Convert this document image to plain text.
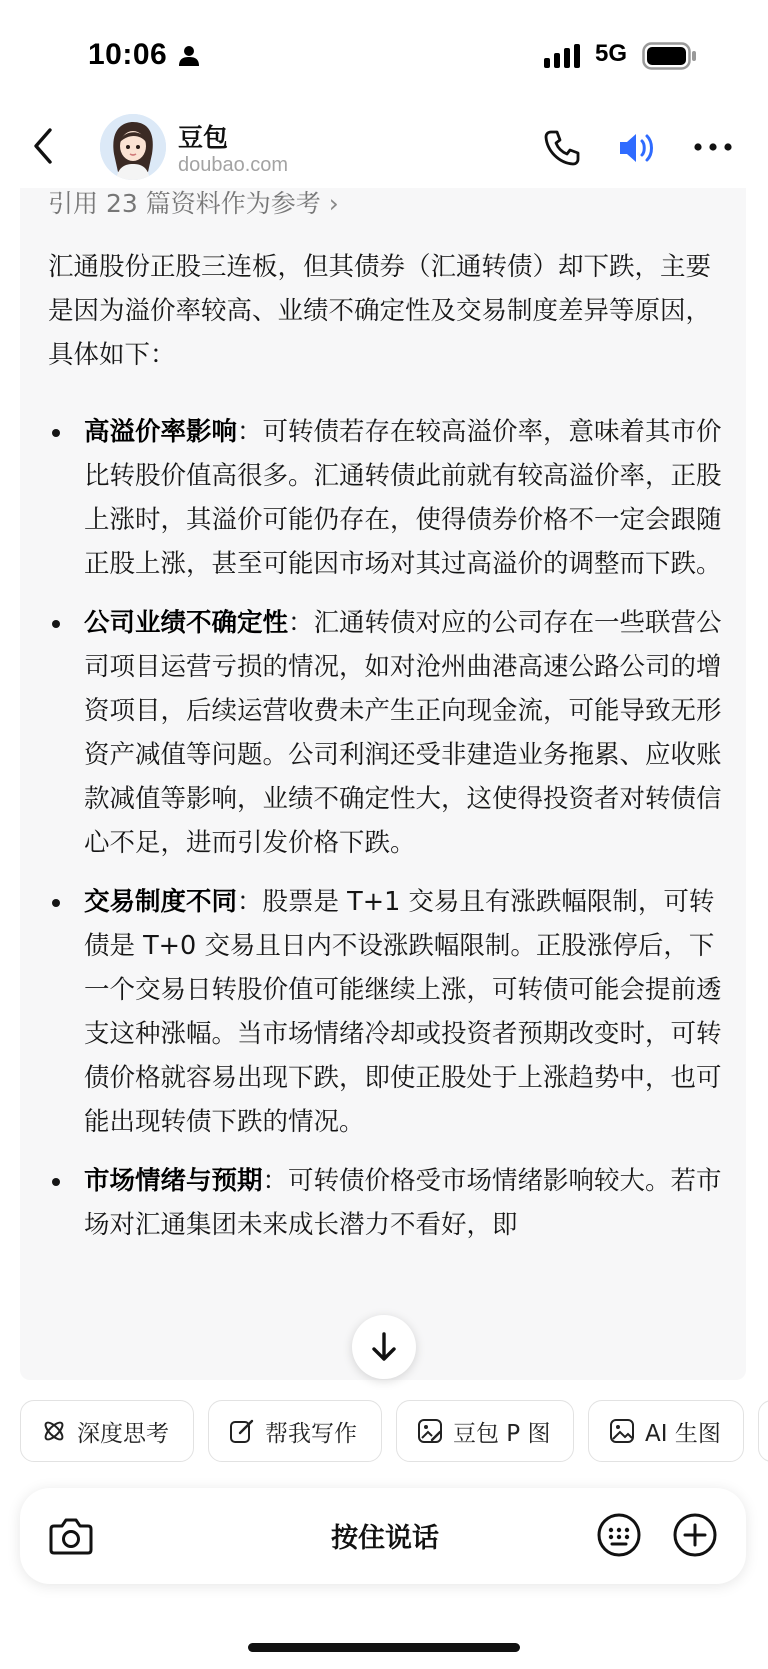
10:06	5G
豆包
doubao.com
引用 23 篇资料作为参考 ›
汇通股份正股三连板，但其债券（汇通转债）却下跌，主要是因为溢价率较高、业绩不确定性及交易制度差异等原因，具体如下：
高溢价率影响：可转债若存在较高溢价率，意味着其市价比转股价值高很多。汇通转债此前就有较高溢价率，正股上涨时，其溢价可能仍存在，使得债券价格不一定会跟随正股上涨，甚至可能因市场对其过高溢价的调整而下跌。
公司业绩不确定性：汇通转债对应的公司存在一些联营公司项目运营亏损的情况，如对沧州曲港高速公路公司的增资项目，后续运营收费未产生正向现金流，可能导致无形资产减值等问题。公司利润还受非建造业务拖累、应收账款减值等影响，业绩不确定性大，这使得投资者对转债信心不足，进而引发价格下跌。
交易制度不同：股票是 T+1 交易且有涨跌幅限制，可转债是 T+0 交易且日内不设涨跌幅限制。正股涨停后，下一个交易日转股价值可能继续上涨，可转债可能会提前透支这种涨幅。当市场情绪冷却或投资者预期改变时，可转债价格就容易出现下跌，即使正股处于上涨趋势中，也可能出现转债下跌的情况。
市场情绪与预期：可转债价格受市场情绪影响较大。若市场对汇通集团未来成长潜力不看好，即
深度思考	帮我写作	豆包 P 图	AI 生图
按住说话
